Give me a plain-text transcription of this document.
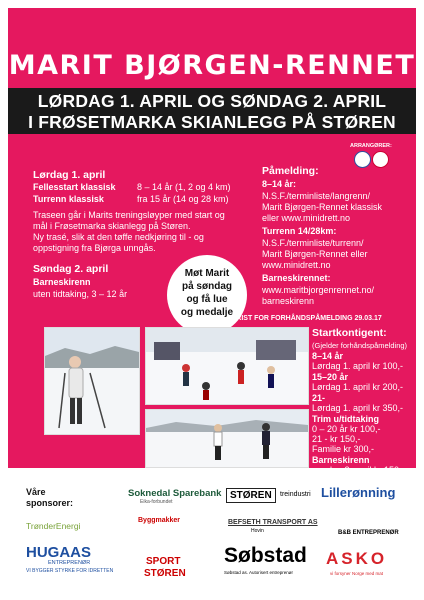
MARIT BJØRGEN-RENNET
LØRDAG 1. APRIL OG SØNDAG 2. APRIL
I FRØSETMARKA SKIANLEGG PÅ STØREN
ARRANGØRER:
Lørdag 1. april
Fellesstart klassisk 8 – 14 år (1, 2 og 4 km)
Turrenn klassisk	fra 15 år (14 og 28 km)
Traseen går i Marits treningsløyper med start og
mål i Frøsetmarka skianlegg på Støren.
Ny trasé, slik at den tøffe nedkjøring til - og
oppstigning fra Bjørga unngås.
Søndag 2. april
Barneskirenn
uten tidtaking, 3 – 12 år
Møt Marit
på søndag
og få lue
og medalje
Påmelding:
8–14 år:
N.S.F./terminliste/langrenn/
Marit Bjørgen-Rennet klassisk
eller www.minidrett.no
Turrenn 14/28km:
N.S.F./terminliste/turrenn/
Marit Bjørgen-Rennet eller
www.minidrett.no
Barneskirennet:
www.maritbjorgenrennet.no/
barneskirenn
FRIST FOR FORHÅNDSPÅMELDING 29.03.17
Startkontigent:
(Gjelder forhåndspåmelding)
8–14 år
Lørdag 1. april kr 100,-
15–20 år
Lørdag 1. april kr 200,-
21-
Lørdag 1. april kr 350,-
Trim u/tidtaking
0 – 20 år kr 100,-
21 - kr 150,-
Familie kr 300,-
Barneskirenn
Våre
sponsorer:
Soknedal Sparebank
Eika-forbundet
STØREN	treindustri Lillerønning
TrønderEnergi
Byggmakker	BEFSETH TRANSPORT AS
Hovin	B&B ENTREPRENØR
HUGAAS
ENTREPRENØR
VI BYGGER STYRKE FOR IDRETTEN
SPORT
STØREN
Søbstad
Søbstad as. Autorisert entreprenør
ASKO
vi forsyner Norge med mat
søndag 2. april kr 150,-
